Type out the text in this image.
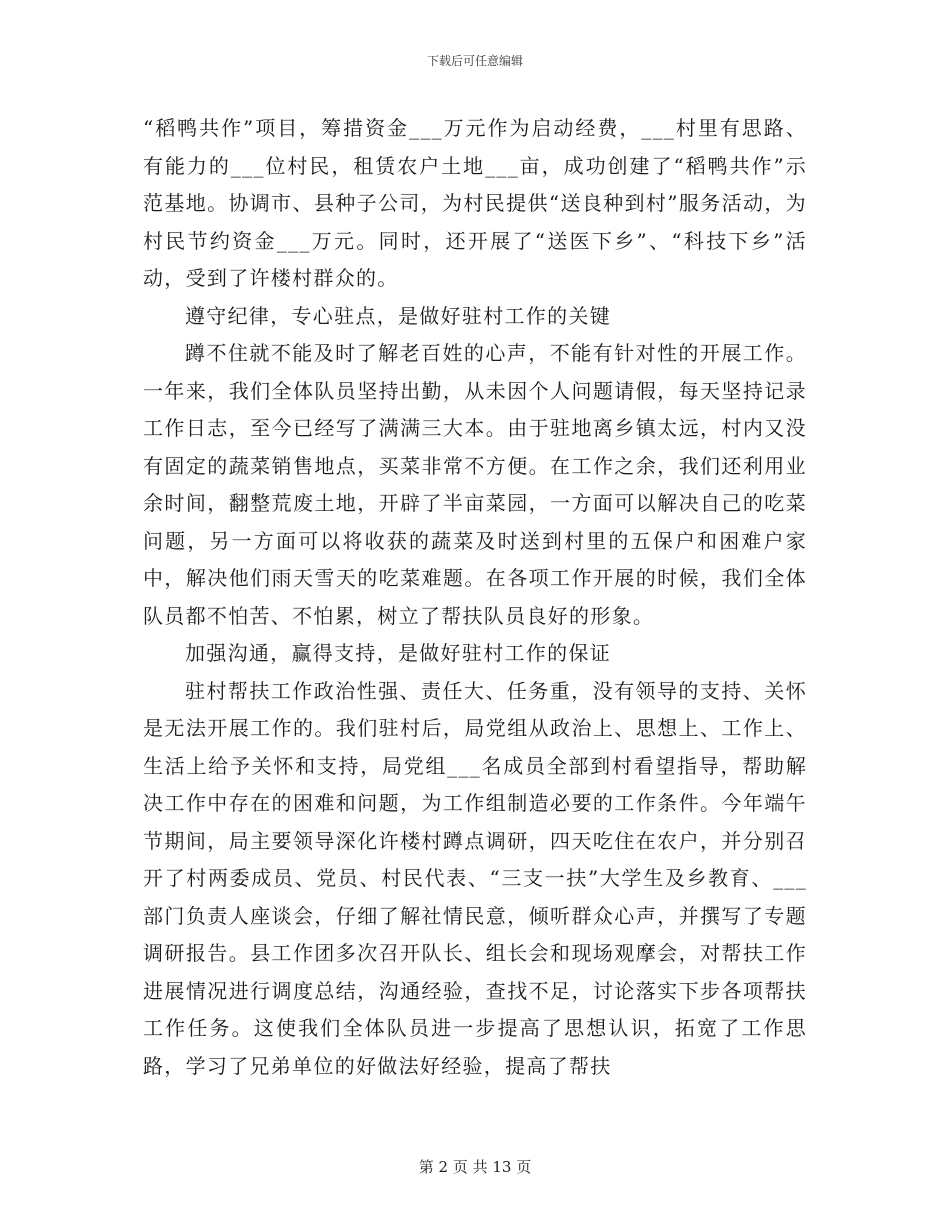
下载后可任意编辑

“稻鸭共作”项目，筹措资金___万元作为启动经费，___村里有思路、有能力的___位村民，租赁农户土地___亩，成功创建了“稻鸭共作”示范基地。协调市、县种子公司，为村民提供“送良种到村”服务活动，为村民节约资金___万元。同时，还开展了“送医下乡”、“科技下乡”活动，受到了许楼村群众的。

遵守纪律，专心驻点，是做好驻村工作的关键

蹲不住就不能及时了解老百姓的心声，不能有针对性的开展工作。一年来，我们全体队员坚持出勤，从未因个人问题请假，每天坚持记录工作日志，至今已经写了满满三大本。由于驻地离乡镇太远，村内又没有固定的蔬菜销售地点，买菜非常不方便。在工作之余，我们还利用业余时间，翻整荒废土地，开辟了半亩菜园，一方面可以解决自己的吃菜问题，另一方面可以将收获的蔬菜及时送到村里的五保户和困难户家中，解决他们雨天雪天的吃菜难题。在各项工作开展的时候，我们全体队员都不怕苦、不怕累，树立了帮扶队员良好的形象。

加强沟通，赢得支持，是做好驻村工作的保证

驻村帮扶工作政治性强、责任大、任务重，没有领导的支持、关怀是无法开展工作的。我们驻村后，局党组从政治上、思想上、工作上、生活上给予关怀和支持，局党组___名成员全部到村看望指导，帮助解决工作中存在的困难和问题，为工作组制造必要的工作条件。今年端午节期间，局主要领导深化许楼村蹲点调研，四天吃住在农户，并分别召开了村两委成员、党员、村民代表、“三支一扶”大学生及乡教育、___部门负责人座谈会，仔细了解社情民意，倾听群众心声，并撰写了专题调研报告。县工作团多次召开队长、组长会和现场观摩会，对帮扶工作进展情况进行调度总结，沟通经验，查找不足，讨论落实下步各项帮扶工作任务。这使我们全体队员进一步提高了思想认识，拓宽了工作思路，学习了兄弟单位的好做法好经验，提高了帮扶

第 2 页 共 13 页
